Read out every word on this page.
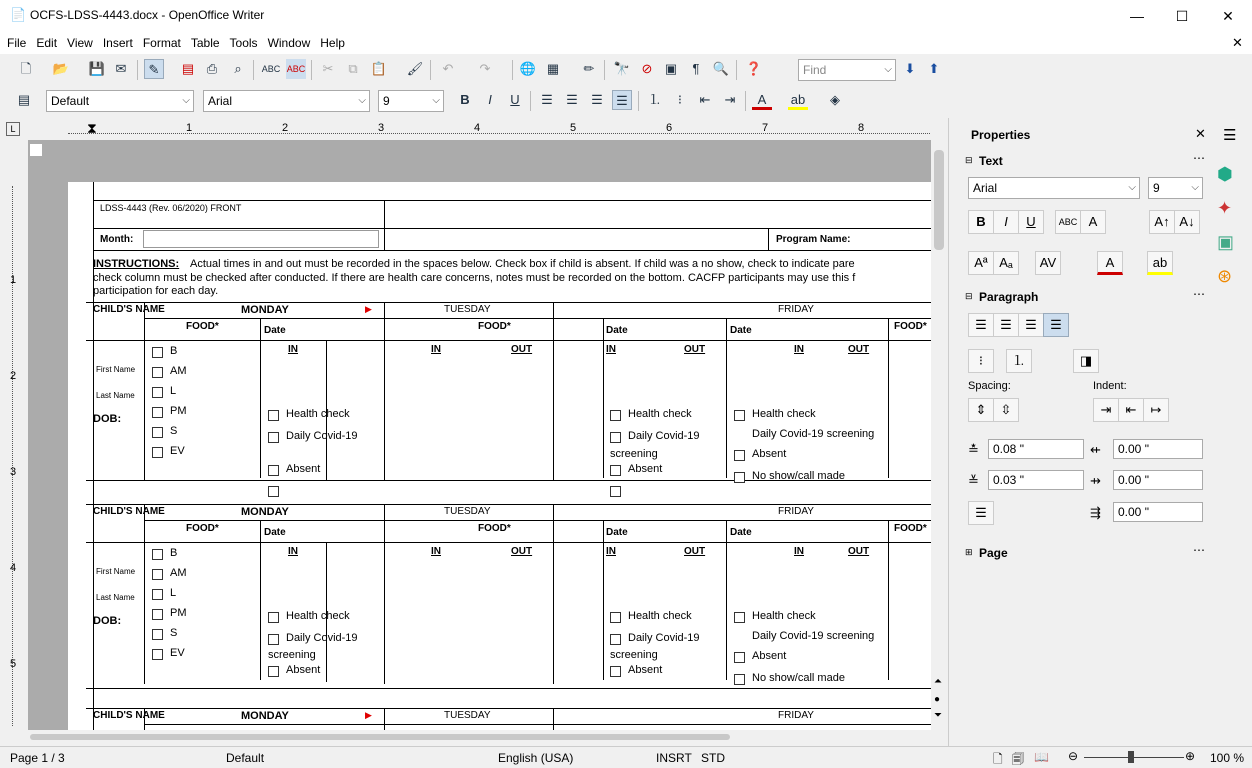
📄 OCFS-LDSS-4443.docx - OpenOffice Writer	—	☐	✕
File Edit View Insert Format Table Tools Window Help	✕
🗋	📂 💾 ✉	✎	▤ ⎙	⌕	ABC ABC	✂	⧉	📋 🖌	↶	↷	🌐 ▦	✏	🔭 ⊘ ▣	¶	🔍 ❓	Find	⌵ ⬇	⬆
▤	Default	⌵	Arial	⌵	9	⌵	B	I	U	☰	☰	☰	☰	⒈	⁝	⇤	⇥	A	ab	◈
L	⧗	1	2	3	4	5	6	7	8
1
2
3
4
5
LDSS-4443 (Rev. 06/2020) FRONT
Month:	Program Name:
INSTRUCTIONS: Actual times in and out must be recorded in the spaces below. Check box if child is absent. If child was a no show, check to indicate pare
check column must be checked after conducted. If there are health care concerns, notes must be recorded on the bottom. CACFP participants may use this f
participation for each day.
CHILD'S NAME	MONDAY	▶	TUESDAY	FRIDAY
FOOD*	Date	FOOD*	Date	Date	FOOD*
IN	IN	OUT	IN	OUT	IN	OUT
First Name
Last Name
DOB:
B
AM
L
PM
S
EV
Health check
Daily Covid-19
Absent
Health check
Daily Covid-19
screening
Absent
Health check
Daily Covid-19 screening
Absent
No show/call made
CHILD'S NAME	MONDAY	TUESDAY	FRIDAY
FOOD*	Date	FOOD*	Date	Date	FOOD*
IN	IN	OUT	IN	OUT	IN	OUT
First Name
Last Name
DOB:
B
AM
L
PM
S
EV
Health check
Daily Covid-19
screening
Absent
Health check
Daily Covid-19
screening
Absent
Health check
Daily Covid-19 screening
Absent
No show/call made
CHILD'S NAME	MONDAY	▶	TUESDAY	FRIDAY
⏶
●
⏷
Properties	✕ ☰
⬢
✦
▣
⊛
⊟ Text	⋯
Arial	⌵	9	⌵
B	I	U	ABC A	A↑ A↓
Aª Aₐ	AV	A	ab
⊟ Paragraph	⋯
☰	☰	☰	☰
⁝	⒈	◨
Spacing:	Indent:
⇕	⇳	⇥	⇤	↦
≛	0.08 "	⇷	0.00 "
≚	0.03 "	⇸	0.00 "
☰	⇶	0.00 "
⊞ Page	⋯
Page 1 / 3	Default	English (USA)	INSRT STD	🗋 🗐 📖 ⊖	⊕ 100 %
